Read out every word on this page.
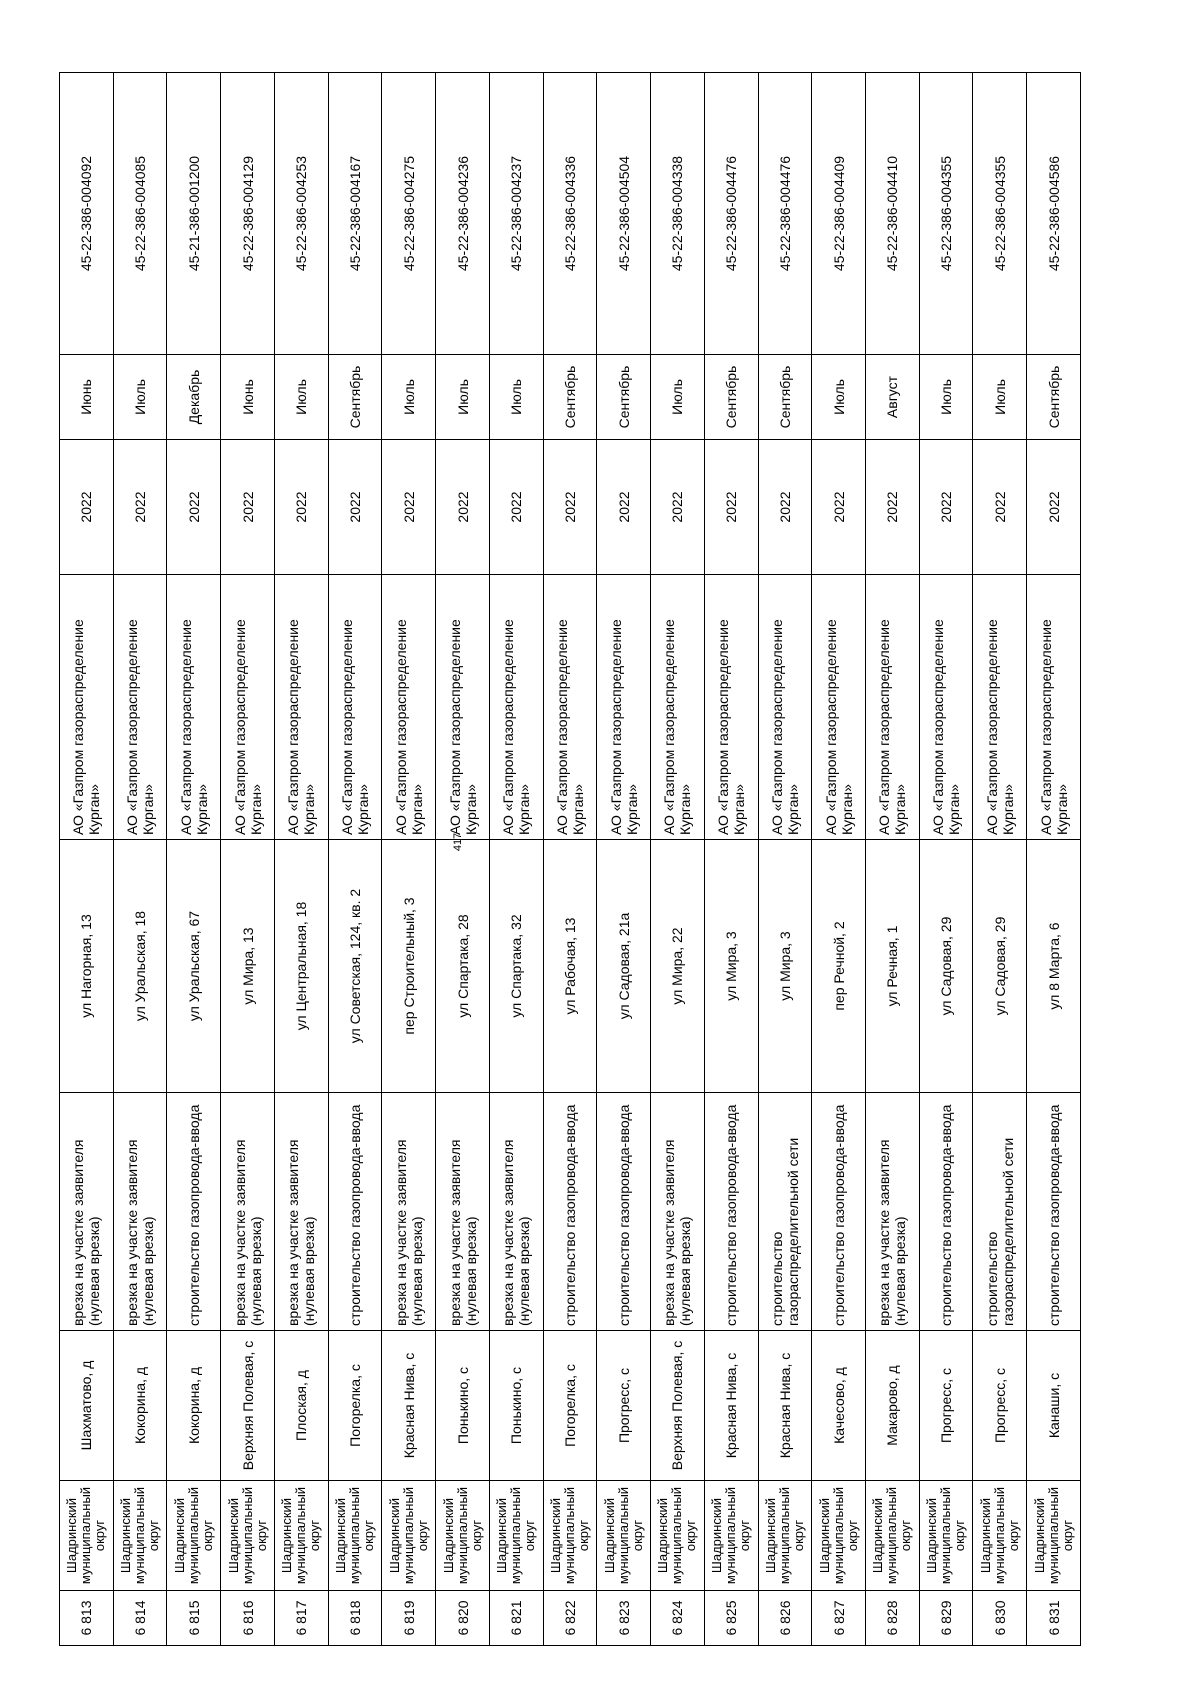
417
6 813	Шадринский муниципальный округ	Шахматово, д	врезка на участке заявителя (нулевая врезка)	ул Нагорная, 13	АО «Газпром газораспределение Курган»	2022	Июнь	45-22-386-004092
6 814	Шадринский муниципальный округ	Кокорина, д	врезка на участке заявителя (нулевая врезка)	ул Уральская, 18	АО «Газпром газораспределение Курган»	2022	Июль	45-22-386-004085
6 815	Шадринский муниципальный округ	Кокорина, д	строительство газопровода-ввода	ул Уральская, 67	АО «Газпром газораспределение Курган»	2022	Декабрь	45-21-386-001200
6 816	Шадринский муниципальный округ	Верхняя Полевая, с	врезка на участке заявителя (нулевая врезка)	ул Мира, 13	АО «Газпром газораспределение Курган»	2022	Июнь	45-22-386-004129
6 817	Шадринский муниципальный округ	Плоская, д	врезка на участке заявителя (нулевая врезка)	ул Центральная, 18	АО «Газпром газораспределение Курган»	2022	Июль	45-22-386-004253
6 818	Шадринский муниципальный округ	Погорелка, с	строительство газопровода-ввода	ул Советская, 124, кв. 2	АО «Газпром газораспределение Курган»	2022	Сентябрь	45-22-386-004167
6 819	Шадринский муниципальный округ	Красная Нива, с	врезка на участке заявителя (нулевая врезка)	пер Строительный, 3	АО «Газпром газораспределение Курган»	2022	Июль	45-22-386-004275
6 820	Шадринский муниципальный округ	Понькино, с	врезка на участке заявителя (нулевая врезка)	ул Спартака, 28	АО «Газпром газораспределение Курган»	2022	Июль	45-22-386-004236
6 821	Шадринский муниципальный округ	Понькино, с	врезка на участке заявителя (нулевая врезка)	ул Спартака, 32	АО «Газпром газораспределение Курган»	2022	Июль	45-22-386-004237
6 822	Шадринский муниципальный округ	Погорелка, с	строительство газопровода-ввода	ул Рабочая, 13	АО «Газпром газораспределение Курган»	2022	Сентябрь	45-22-386-004336
6 823	Шадринский муниципальный округ	Прогресс, с	строительство газопровода-ввода	ул Садовая, 21а	АО «Газпром газораспределение Курган»	2022	Сентябрь	45-22-386-004504
6 824	Шадринский муниципальный округ	Верхняя Полевая, с	врезка на участке заявителя (нулевая врезка)	ул Мира, 22	АО «Газпром газораспределение Курган»	2022	Июль	45-22-386-004338
6 825	Шадринский муниципальный округ	Красная Нива, с	строительство газопровода-ввода	ул Мира, 3	АО «Газпром газораспределение Курган»	2022	Сентябрь	45-22-386-004476
6 826	Шадринский муниципальный округ	Красная Нива, с	строительство газораспределительной сети	ул Мира, 3	АО «Газпром газораспределение Курган»	2022	Сентябрь	45-22-386-004476
6 827	Шадринский муниципальный округ	Качесово, д	строительство газопровода-ввода	пер Речной, 2	АО «Газпром газораспределение Курган»	2022	Июль	45-22-386-004409
6 828	Шадринский муниципальный округ	Макарово, д	врезка на участке заявителя (нулевая врезка)	ул Речная, 1	АО «Газпром газораспределение Курган»	2022	Август	45-22-386-004410
6 829	Шадринский муниципальный округ	Прогресс, с	строительство газопровода-ввода	ул Садовая, 29	АО «Газпром газораспределение Курган»	2022	Июль	45-22-386-004355
6 830	Шадринский муниципальный округ	Прогресс, с	строительство газораспределительной сети	ул Садовая, 29	АО «Газпром газораспределение Курган»	2022	Июль	45-22-386-004355
6 831	Шадринский муниципальный округ	Канаши, с	строительство газопровода-ввода	ул 8 Марта, 6	АО «Газпром газораспределение Курган»	2022	Сентябрь	45-22-386-004586
